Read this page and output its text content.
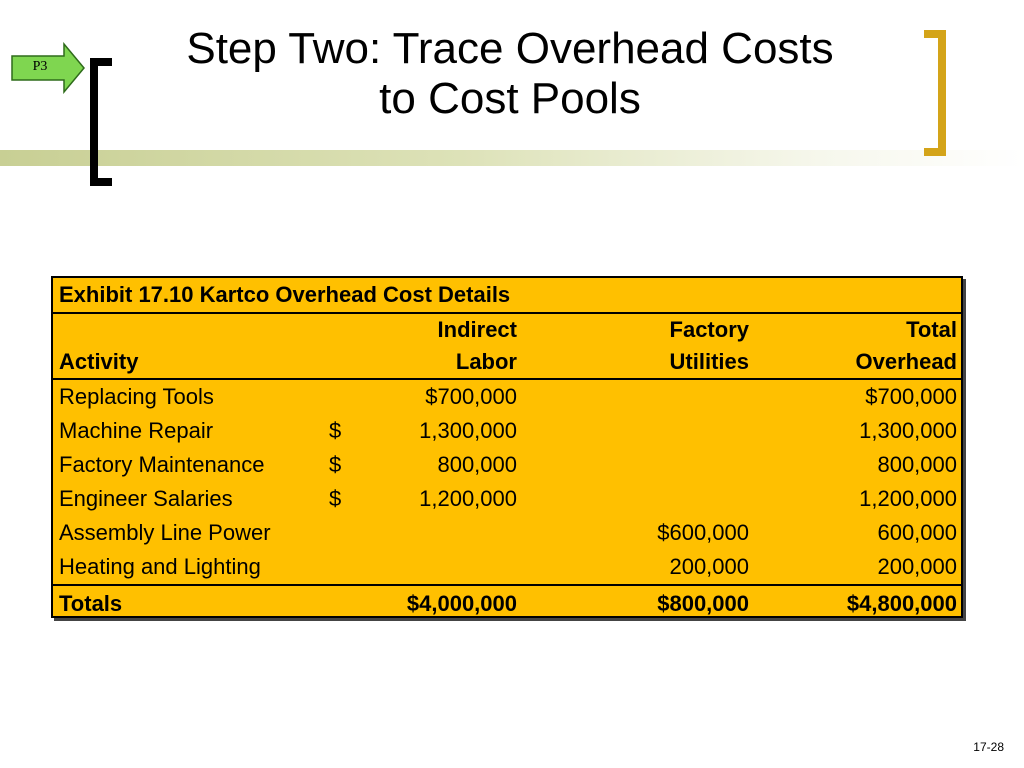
P3	Step Two: Trace Overhead Costs
to Cost Pools
Exhibit 17.10 Kartco Overhead Cost Details					
		Indirect		Factory	Total
Activity		Labor		Utilities	Overhead
Replacing Tools		$700,000			$700,000
Machine Repair	$	1,300,000			1,300,000
Factory Maintenance	$	800,000			800,000
Engineer Salaries	$	1,200,000			1,200,000
Assembly Line Power				$600,000	600,000
Heating and Lighting				200,000	200,000
Totals		$4,000,000		$800,000	$4,800,000
17-28
